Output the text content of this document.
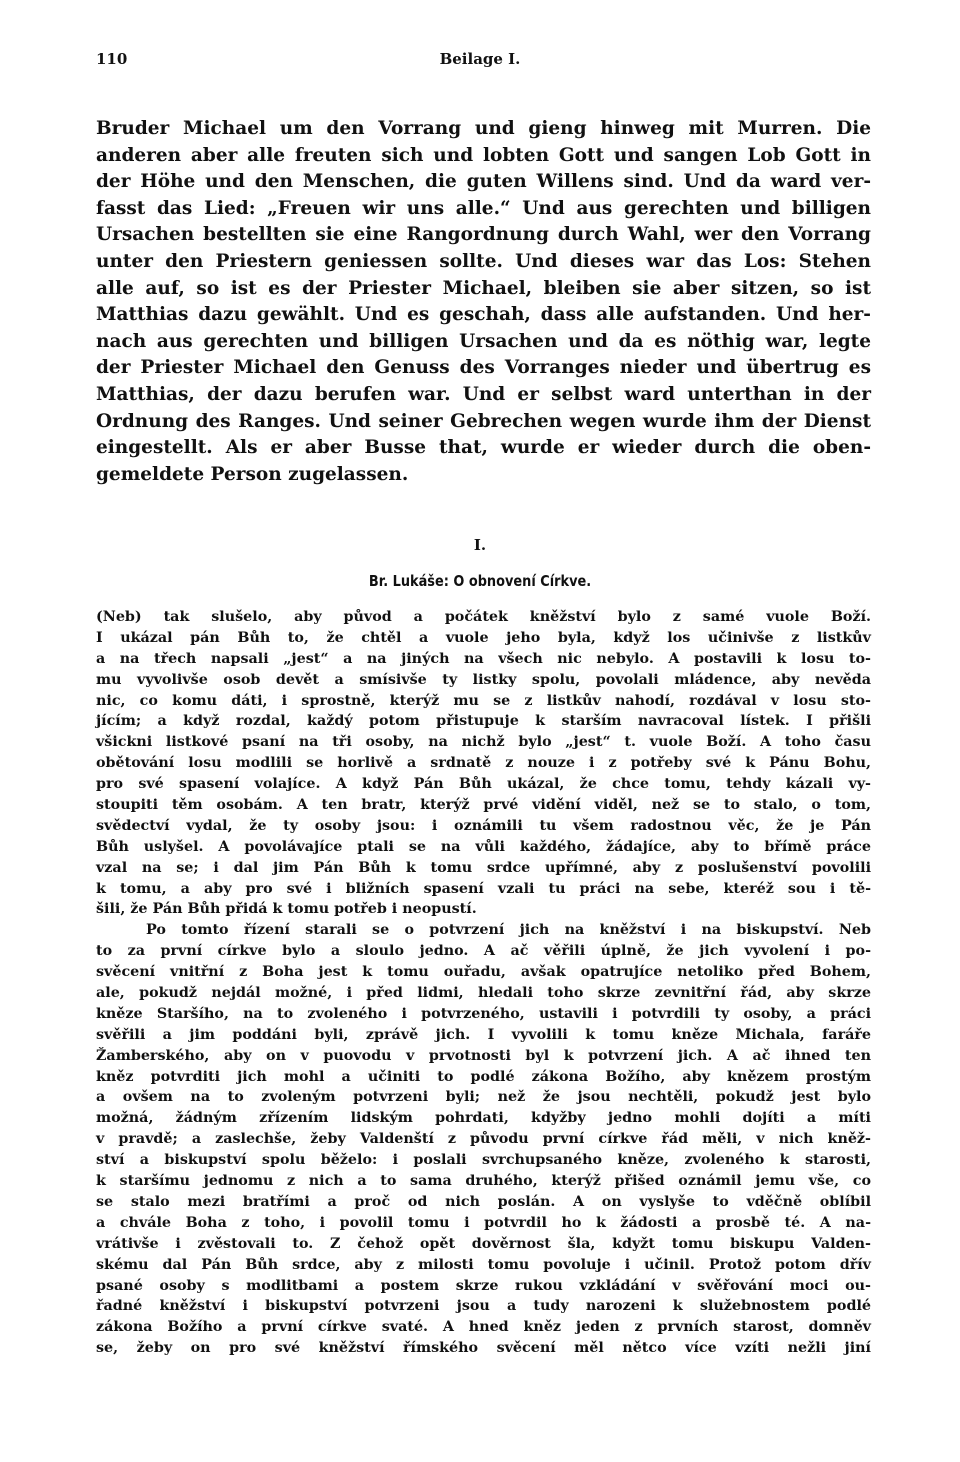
110	Beilage I.
Bruder Michael um den Vorrang und gieng hinweg mit Murren. Die
anderen aber alle freuten sich und lobten Gott und sangen Lob Gott in
der Höhe und den Menschen, die guten Willens sind. Und da ward ver-
fasst das Lied: „Freuen wir uns alle.“ Und aus gerechten und billigen
Ursachen bestellten sie eine Rangordnung durch Wahl, wer den Vorrang
unter den Priestern geniessen sollte. Und dieses war das Los: Stehen
alle auf, so ist es der Priester Michael, bleiben sie aber sitzen, so ist
Matthias dazu gewählt. Und es geschah, dass alle aufstanden. Und her-
nach aus gerechten und billigen Ursachen und da es nöthig war, legte
der Priester Michael den Genuss des Vorranges nieder und übertrug es
Matthias, der dazu berufen war. Und er selbst ward unterthan in der
Ordnung des Ranges. Und seiner Gebrechen wegen wurde ihm der Dienst
eingestellt. Als er aber Busse that, wurde er wieder durch die oben-
gemeldete Person zugelassen.
I.
Br. Lukáše: O obnovení Církve.
(Neb) tak slušelo, aby původ a počátek kněžství bylo z samé vuole Boží.
I ukázal pán Bůh to, že chtěl a vuole jeho byla, když los učinivše z listkův
a na třech napsali „jest“ a na jiných na všech nic nebylo. A postavili k losu to-
mu vyvolivše osob devět a smísivše ty listky spolu, povolali mládence, aby nevěda
nic, co komu dáti, i sprostně, kterýž mu se z listkův nahodí, rozdával v losu sto-
jícím; a když rozdal, každý potom přistupuje k starším navracoval lístek. I přišli
všickni listkové psaní na tři osoby, na nichž bylo „jest“ t. vuole Boží. A toho času
obětování losu modlili se horlivě a srdnatě z nouze i z potřeby své k Pánu Bohu,
pro své spasení volajíce. A když Pán Bůh ukázal, že chce tomu, tehdy kázali vy-
stoupiti těm osobám. A ten bratr, kterýž prvé vidění viděl, než se to stalo, o tom,
svědectví vydal, že ty osoby jsou: i oznámili tu všem radostnou věc, že je Pán
Bůh uslyšel. A povolávajíce ptali se na vůli každého, žádajíce, aby to břímě práce
vzal na se; i dal jim Pán Bůh k tomu srdce upřímné, aby z poslušenství povolili
k tomu, a aby pro své i bližních spasení vzali tu práci na sebe, kteréž sou i tě-
šili, že Pán Bůh přidá k tomu potřeb i neopustí.
Po tomto řízení starali se o potvrzení jich na kněžství i na biskupství. Neb
to za první církve bylo a sloulo jedno. A ač věřili úplně, že jich vyvolení i po-
svěcení vnitřní z Boha jest k tomu ouřadu, avšak opatrujíce netoliko před Bohem,
ale, pokudž nejdál možné, i před lidmi, hledali toho skrze zevnitřní řád, aby skrze
kněze Staršího, na to zvoleného i potvrzeného, ustavili i potvrdili ty osoby, a práci
svěřili a jim poddáni byli, zprávě jich. I vyvolili k tomu kněze Michala, faráře
Žamberského, aby on v puovodu v prvotnosti byl k potvrzení jich. A ač ihned ten
kněz potvrditi jich mohl a učiniti to podlé zákona Božího, aby knězem prostým
a ovšem na to zvoleným potvrzeni byli; než že jsou nechtěli, pokudž jest bylo
možná, žádným zřízením lidským pohrdati, kdyžby jedno mohli dojíti a míti
v pravdě; a zaslechše, žeby Valdenští z původu první církve řád měli, v nich kněž-
ství a biskupství spolu běželo: i poslali svrchupsaného kněze, zvoleného k starosti,
k staršímu jednomu z nich a to sama druhého, kterýž přišed oznámil jemu vše, co
se stalo mezi bratřími a proč od nich poslán. A on vyslyše to vděčně oblíbil
a chvále Boha z toho, i povolil tomu i potvrdil ho k žádosti a prosbě té. A na-
vrátivše i zvěstovali to. Z čehož opět dověrnost šla, kdyžt tomu biskupu Valden-
skému dal Pán Bůh srdce, aby z milosti tomu povoluje i učinil. Protož potom dřív
psané osoby s modlitbami a postem skrze rukou vzkládání v svěřování moci ou-
řadné kněžství i biskupství potvrzeni jsou a tudy narozeni k služebnostem podlé
zákona Božího a první církve svaté. A hned kněz jeden z prvních starost, domněv
se, žeby on pro své kněžství římského svěcení měl nětco více vzíti nežli jiní
